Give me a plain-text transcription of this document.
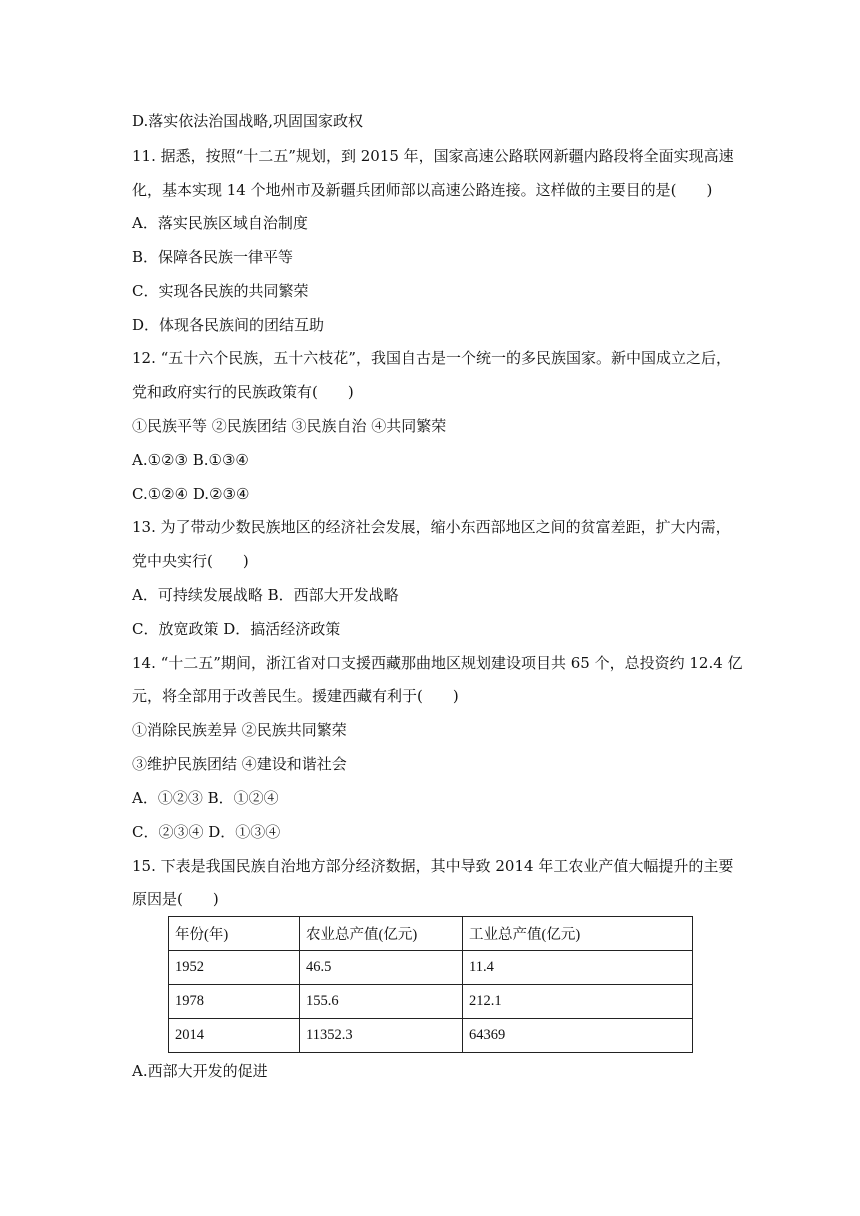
D.落实依法治国战略,巩固国家政权
11. 据悉，按照“十二五”规划，到 2015 年，国家高速公路联网新疆内路段将全面实现高速
化，基本实现 14 个地州市及新疆兵团师部以高速公路连接。这样做的主要目的是(　　)
A．落实民族区域自治制度
B．保障各民族一律平等
C．实现各民族的共同繁荣
D．体现各民族间的团结互助
12. “五十六个民族，五十六枝花”，我国自古是一个统一的多民族国家。新中国成立之后，
党和政府实行的民族政策有(　　)
①民族平等 ②民族团结 ③民族自治 ④共同繁荣
A.①②③ B.①③④
C.①②④ D.②③④
13. 为了带动少数民族地区的经济社会发展，缩小东西部地区之间的贫富差距，扩大内需，
党中央实行(　　)
A．可持续发展战略 B．西部大开发战略
C．放宽政策 D．搞活经济政策
14. “十二五”期间，浙江省对口支援西藏那曲地区规划建设项目共 65 个，总投资约 12.4 亿
元，将全部用于改善民生。援建西藏有利于(　　)
①消除民族差异 ②民族共同繁荣
③维护民族团结 ④建设和谐社会
A．①②③ B．①②④
C．②③④ D．①③④
15. 下表是我国民族自治地方部分经济数据，其中导致 2014 年工农业产值大幅提升的主要
原因是(　　)
年份(年)	农业总产值(亿元)	工业总产值(亿元)
1952	46.5	11.4
1978	155.6	212.1
2014	11352.3	64369
A.西部大开发的促进
